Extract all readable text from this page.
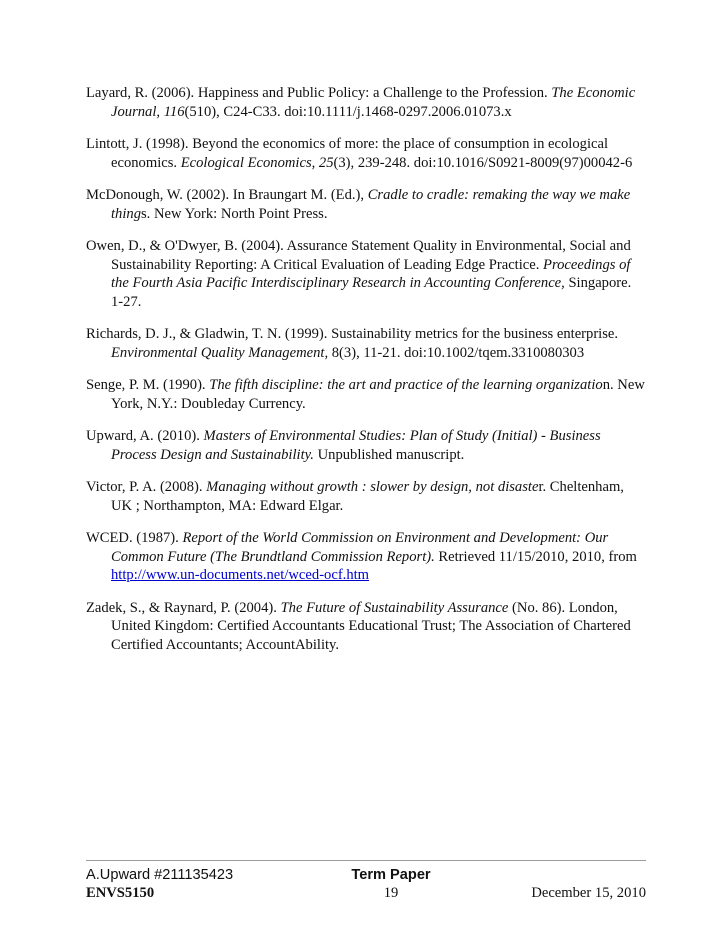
Layard, R. (2006). Happiness and Public Policy: a Challenge to the Profession. The Economic Journal, 116(510), C24-C33. doi:10.1111/j.1468-0297.2006.01073.x

Lintott, J. (1998). Beyond the economics of more: the place of consumption in ecological economics. Ecological Economics, 25(3), 239-248. doi:10.1016/S0921-8009(97)00042-6

McDonough, W. (2002). In Braungart M. (Ed.), Cradle to cradle: remaking the way we make things. New York: North Point Press.

Owen, D., & O'Dwyer, B. (2004). Assurance Statement Quality in Environmental, Social and Sustainability Reporting: A Critical Evaluation of Leading Edge Practice. Proceedings of the Fourth Asia Pacific Interdisciplinary Research in Accounting Conference, Singapore. 1-27.

Richards, D. J., & Gladwin, T. N. (1999). Sustainability metrics for the business enterprise. Environmental Quality Management, 8(3), 11-21. doi:10.1002/tqem.3310080303

Senge, P. M. (1990). The fifth discipline: the art and practice of the learning organization. New York, N.Y.: Doubleday Currency.

Upward, A. (2010). Masters of Environmental Studies: Plan of Study (Initial) - Business Process Design and Sustainability. Unpublished manuscript.

Victor, P. A. (2008). Managing without growth : slower by design, not disaster. Cheltenham, UK ; Northampton, MA: Edward Elgar.

WCED. (1987). Report of the World Commission on Environment and Development: Our Common Future (The Brundtland Commission Report). Retrieved 11/15/2010, 2010, from http://www.un-documents.net/wced-ocf.htm

Zadek, S., & Raynard, P. (2004). The Future of Sustainability Assurance (No. 86). London, United Kingdom: Certified Accountants Educational Trust; The Association of Chartered Certified Accountants; AccountAbility.

A.Upward #211135423	Term Paper
ENVS5150	19	December 15, 2010
